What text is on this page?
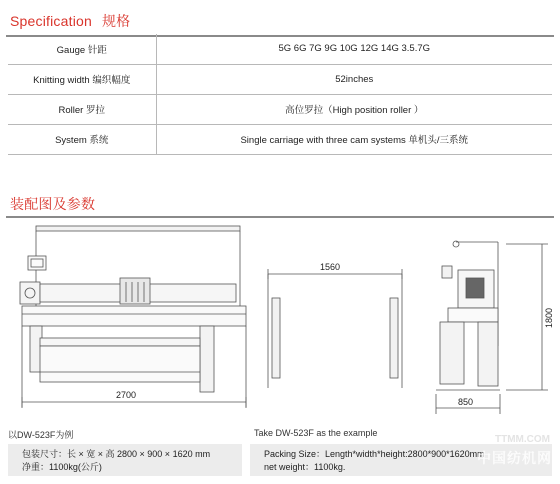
Specification 规格
Gauge 针距	5G 6G 7G 9G 10G 12G 14G 3.5.7G
Knitting width 编织幅度	52inches
Roller 罗拉	高位罗拉（High position roller ）
System 系统	Single carriage with three cam systems 单机头/三系统
装配图及参数
2700
1560
850
1800
以DW-523F为例	Take DW-523F as the example
包装尺寸：长 × 宽 × 高 2800 × 900 × 1620 mm
净重：1100kg(公斤)
Packing Size：Length*width*height:2800*900*1620mm
net weight：1100kg.
TTMM.COM
中国纺机网
